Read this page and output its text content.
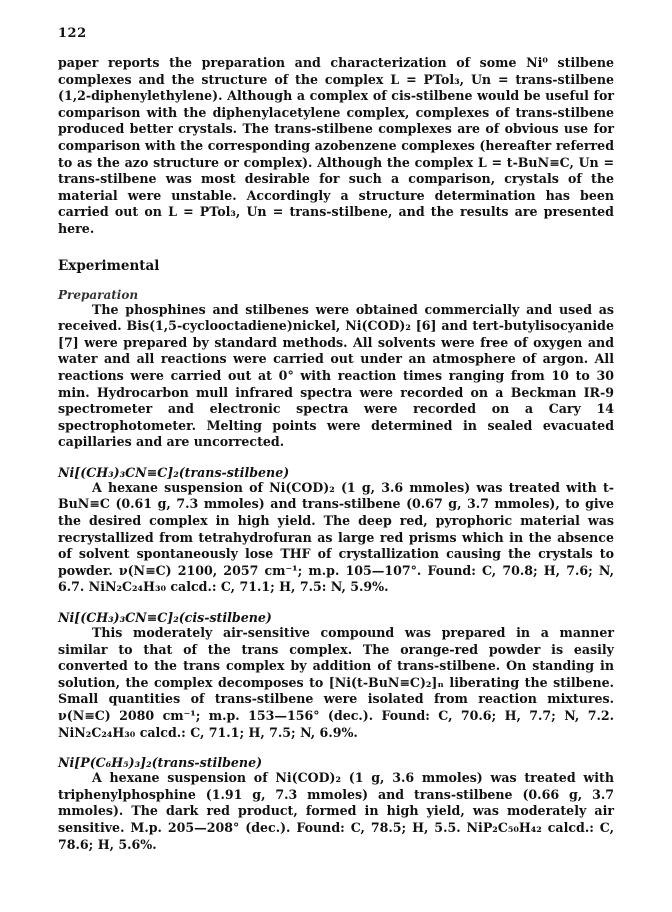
122

paper reports the preparation and characterization of some Ni⁰ stilbene complexes and the structure of the complex L = PTol₃, Un = trans-stilbene (1,2-diphenylethylene). Although a complex of cis-stilbene would be useful for comparison with the diphenylacetylene complex, complexes of trans-stilbene produced better crystals. The trans-stilbene complexes are of obvious use for comparison with the corresponding azobenzene complexes (hereafter referred to as the azo structure or complex). Although the complex L = t-BuN≡C, Un = trans-stilbene was most desirable for such a comparison, crystals of the material were unstable. Accordingly a structure determination has been carried out on L = PTol₃, Un = trans-stilbene, and the results are presented here.

Experimental
Preparation

The phosphines and stilbenes were obtained commercially and used as received. Bis(1,5-cyclooctadiene)nickel, Ni(COD)₂ [6] and tert-butylisocyanide [7] were prepared by standard methods. All solvents were free of oxygen and water and all reactions were carried out under an atmosphere of argon. All reactions were carried out at 0° with reaction times ranging from 10 to 30 min. Hydrocarbon mull infrared spectra were recorded on a Beckman IR-9 spectrometer and electronic spectra were recorded on a Cary 14 spectrophotometer. Melting points were determined in sealed evacuated capillaries and are uncorrected.

Ni[(CH₃)₃CN≡C]₂(trans-stilbene)

A hexane suspension of Ni(COD)₂ (1 g, 3.6 mmoles) was treated with t-BuN≡C (0.61 g, 7.3 mmoles) and trans-stilbene (0.67 g, 3.7 mmoles), to give the desired complex in high yield. The deep red, pyrophoric material was recrystallized from tetrahydrofuran as large red prisms which in the absence of solvent spontaneously lose THF of crystallization causing the crystals to powder. ν(N≡C) 2100, 2057 cm⁻¹; m.p. 105—107°. Found: C, 70.8; H, 7.6; N, 6.7. NiN₂C₂₄H₃₀ calcd.: C, 71.1; H, 7.5: N, 5.9%.

Ni[(CH₃)₃CN≡C]₂(cis-stilbene)

This moderately air-sensitive compound was prepared in a manner similar to that of the trans complex. The orange-red powder is easily converted to the trans complex by addition of trans-stilbene. On standing in solution, the complex decomposes to [Ni(t-BuN≡C)₂]ₙ liberating the stilbene. Small quantities of trans-stilbene were isolated from reaction mixtures. ν(N≡C) 2080 cm⁻¹; m.p. 153—156° (dec.). Found: C, 70.6; H, 7.7; N, 7.2. NiN₂C₂₄H₃₀ calcd.: C, 71.1; H, 7.5; N, 6.9%.

Ni[P(C₆H₅)₃]₂(trans-stilbene)

A hexane suspension of Ni(COD)₂ (1 g, 3.6 mmoles) was treated with triphenylphosphine (1.91 g, 7.3 mmoles) and trans-stilbene (0.66 g, 3.7 mmoles). The dark red product, formed in high yield, was moderately air sensitive. M.p. 205—208° (dec.). Found: C, 78.5; H, 5.5. NiP₂C₅₀H₄₂ calcd.: C, 78.6; H, 5.6%.
